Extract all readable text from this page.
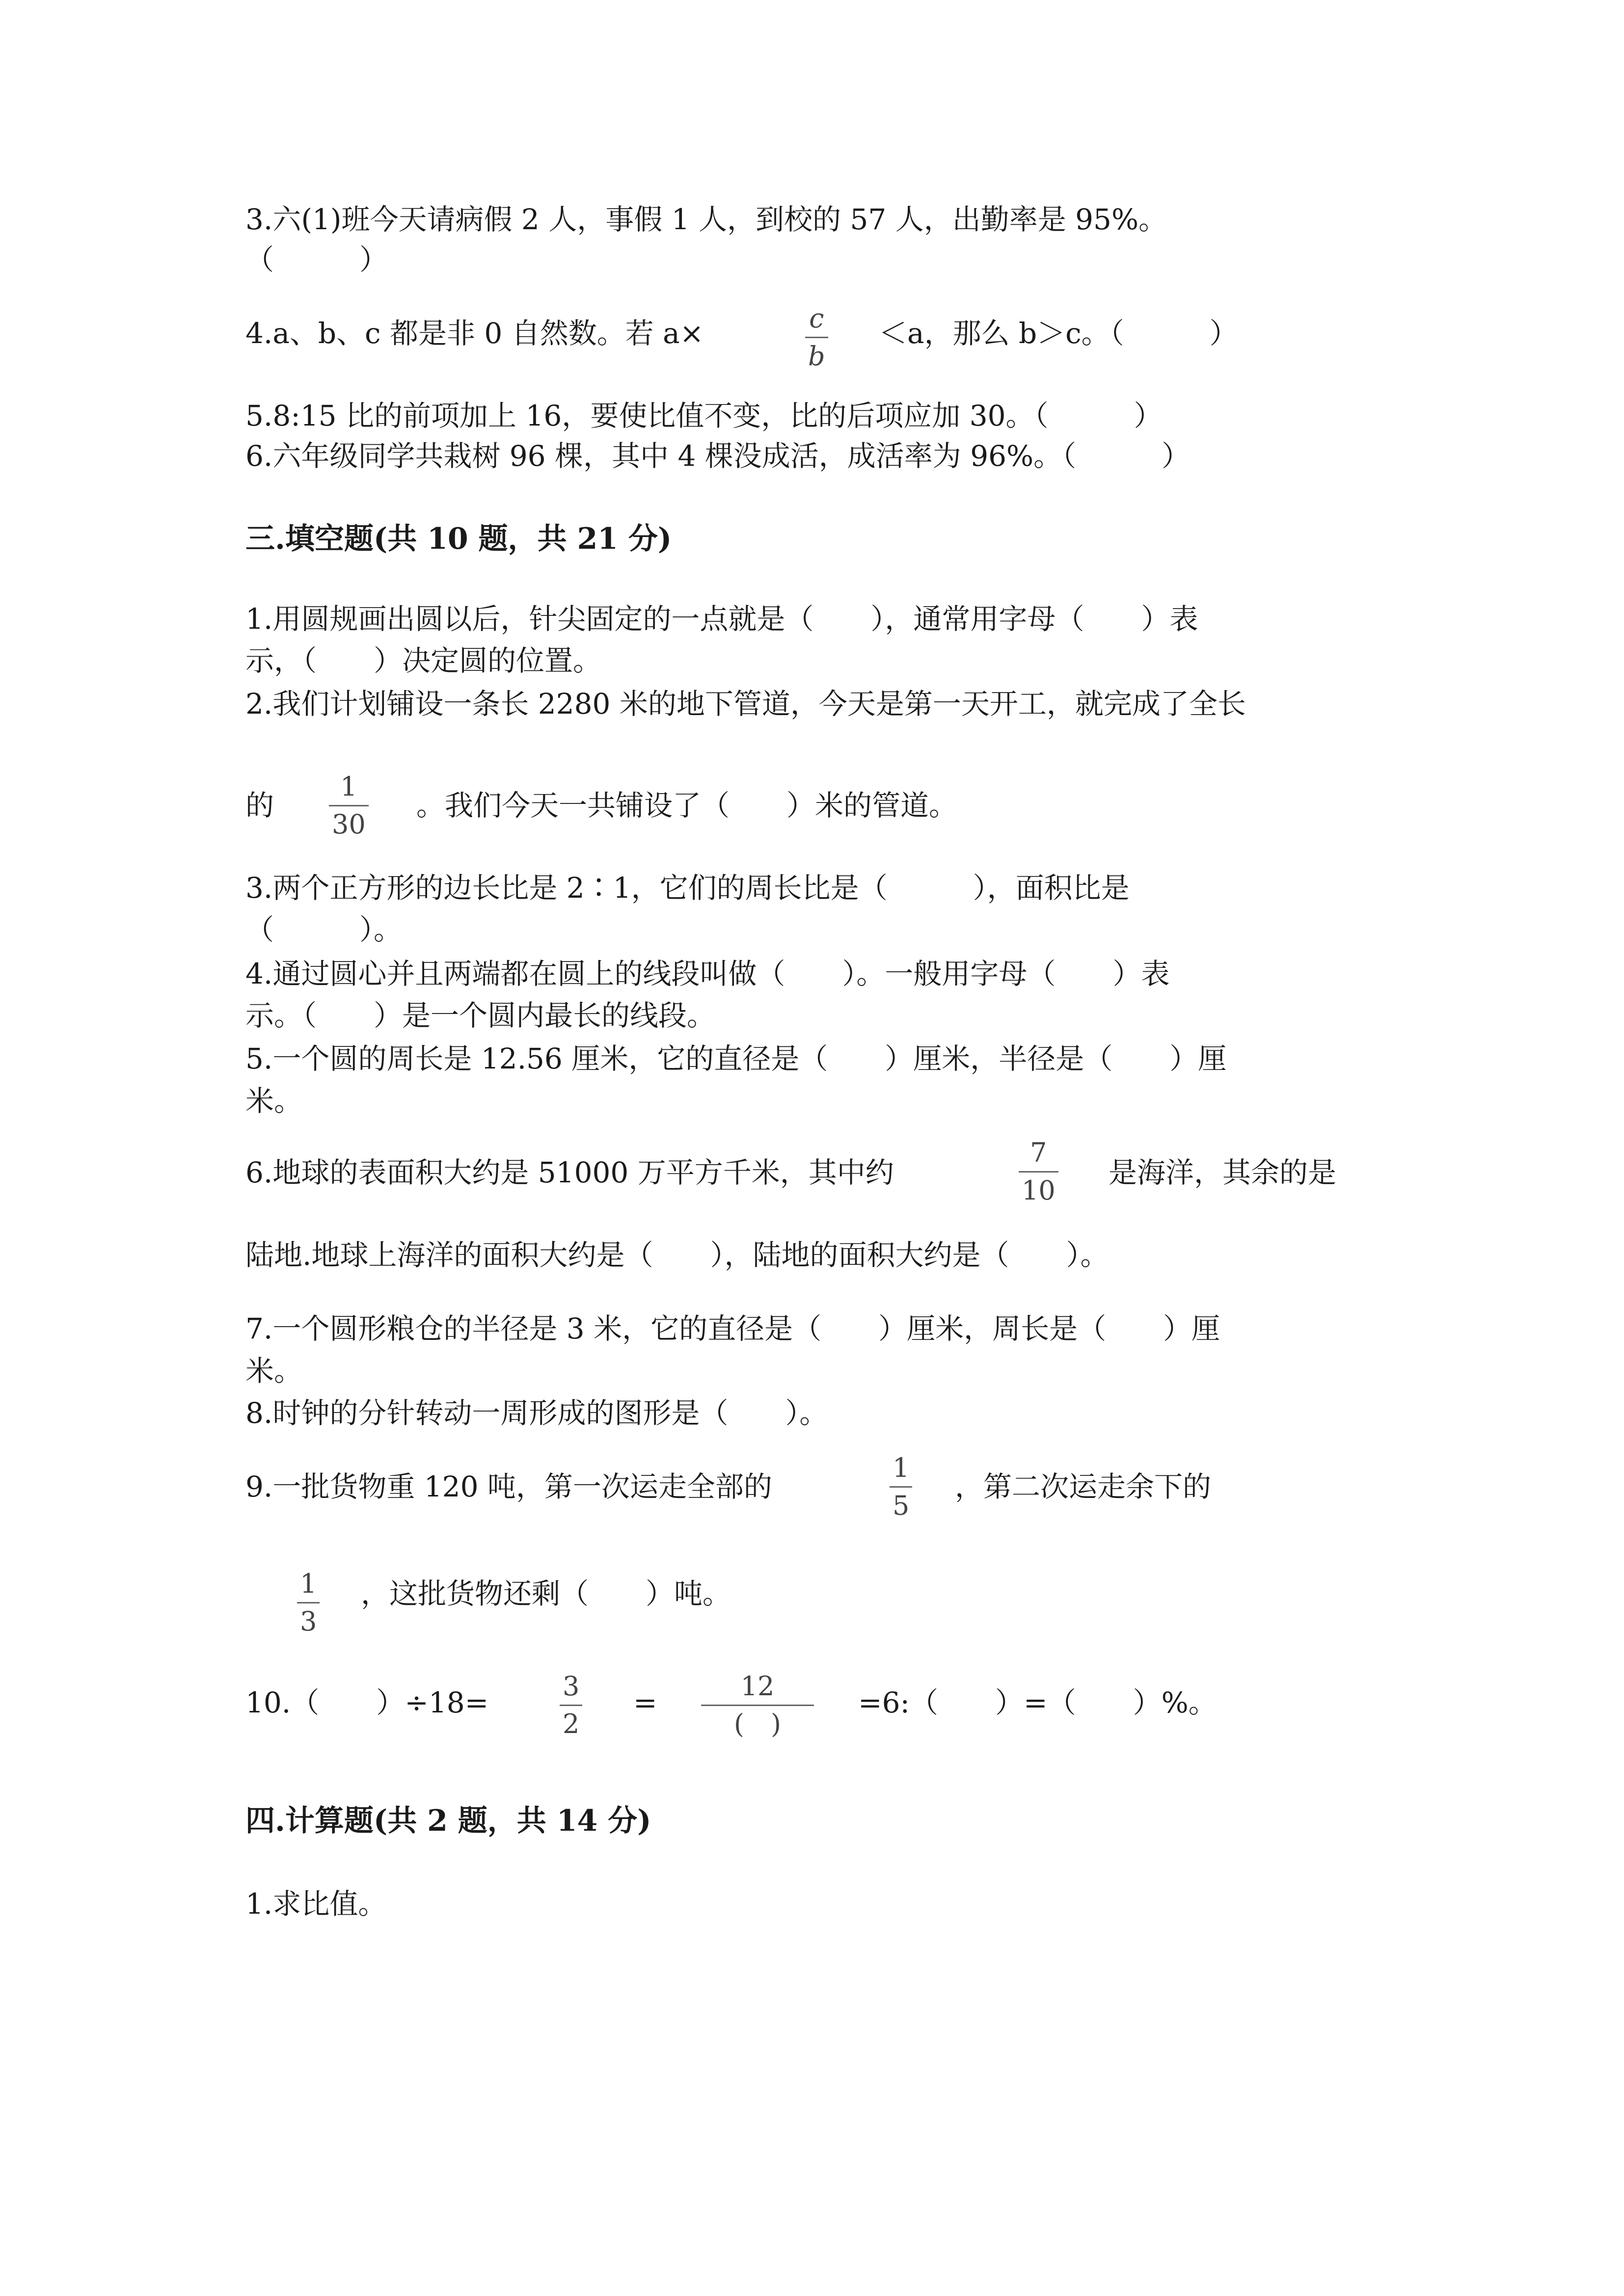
3.六(1)班今天请病假 2 人，事假 1 人，到校的 57 人，出勤率是 95%。
（　　　）
4.a、b、c 都是非 0 自然数。若 a×	c
b
＜a，那么 b＞c。（　　　）
5.8:15 比的前项加上 16，要使比值不变，比的后项应加 30。（　　　）
6.六年级同学共栽树 96 棵，其中 4 棵没成活，成活率为 96%。（　　　）
三.填空题(共 10 题，共 21 分)
1.用圆规画出圆以后，针尖固定的一点就是（　　），通常用字母（　　）表
示，（　　）决定圆的位置。
2.我们计划铺设一条长 2280 米的地下管道，今天是第一天开工，就完成了全长
的
1
30
。我们今天一共铺设了（　　）米的管道。
3.两个正方形的边长比是 2∶1，它们的周长比是（　　　），面积比是
（　　　）。
4.通过圆心并且两端都在圆上的线段叫做（　　）。一般用字母（　　）表
示。（　　）是一个圆内最长的线段。
5.一个圆的周长是 12.56 厘米，它的直径是（　　）厘米，半径是（　　）厘
米。
6.地球的表面积大约是 51000 万平方千米，其中约
7
10
是海洋，其余的是
陆地.地球上海洋的面积大约是（　　），陆地的面积大约是（　　）。
7.一个圆形粮仓的半径是 3 米，它的直径是（　　）厘米，周长是（　　）厘
米。
8.时钟的分针转动一周形成的图形是（　　）。
9.一批货物重 120 吨，第一次运走全部的
1
5
，第二次运走余下的
1
3
，这批货物还剩（　　）吨。
10.（　　）÷18=	3
2
=	12
(　)
=6:（　　）=（　　）%。
四.计算题(共 2 题，共 14 分)
1.求比值。
